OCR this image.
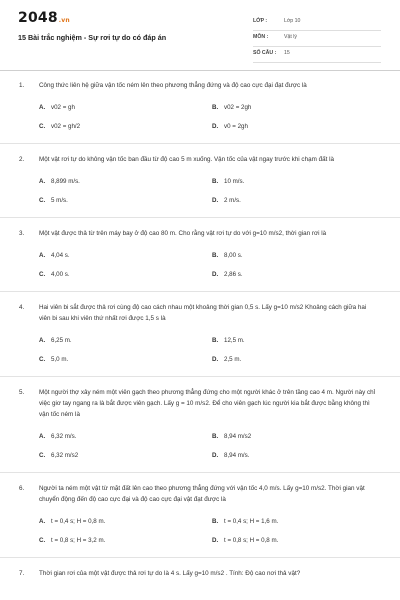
2048.vn
15 Bài trắc nghiệm - Sự rơi tự do có đáp án
LỚP :	Lớp 10
MÔN :	Vật lý
SỐ CÂU : 15
1. Công thức liên hệ giữa vận tốc ném lên theo phương thẳng đứng và độ cao cực đại đạt được là
A. v02 = gh	B. v02 = 2gh
C. v02 = gh/2	D. v0 = 2gh
2. Một vật rơi tự do không vận tốc ban đầu từ độ cao 5 m xuống. Vận tốc của vật ngay trước khi chạm đất là
A. 8,899 m/s.	B. 10 m/s.
C. 5 m/s.	D. 2 m/s.
3. Một vật được thả từ trên máy bay ở độ cao 80 m. Cho rằng vật rơi tự do với g=10 m/s2, thời gian rơi là
A. 4,04 s.	B. 8,00 s.
C. 4,00 s.	D. 2,86 s.
4. Hai viên bi sắt được thả rơi cùng độ cao cách nhau một khoảng thời gian 0,5 s. Lấy g=10 m/s2 Khoảng cách giữa hai viên bi sau khi viên thứ nhất rơi được 1,5 s là
A. 6,25 m.	B. 12,5 m.
C. 5,0 m.	D. 2,5 m.
5. Một người thợ xây ném một viên gạch theo phương thẳng đứng cho một người khác ở trên tầng cao 4 m. Người này chỉ việc giơ tay ngang ra là bắt được viên gạch. Lấy g = 10 m/s2. Để cho viên gạch lúc người kia bắt được bằng không thì vận tốc ném là
A. 6,32 m/s.	B. 8,94 m/s2
C. 6,32 m/s2	D. 8,94 m/s.
6. Người ta ném một vật từ mặt đất lên cao theo phương thẳng đứng với vận tốc 4,0 m/s. Lấy g=10 m/s2. Thời gian vật chuyển động đến độ cao cực đại và độ cao cực đại vật đạt được là
A. t = 0,4 s; H = 0,8 m.	B. t = 0,4 s; H = 1,6 m.
C. t = 0,8 s; H = 3,2 m.	D. t = 0,8 s; H = 0,8 m.
7. Thời gian rơi của một vật được thả rơi tự do là 4 s. Lấy g=10 m/s2 . Tính: Độ cao nơi thả vật?
